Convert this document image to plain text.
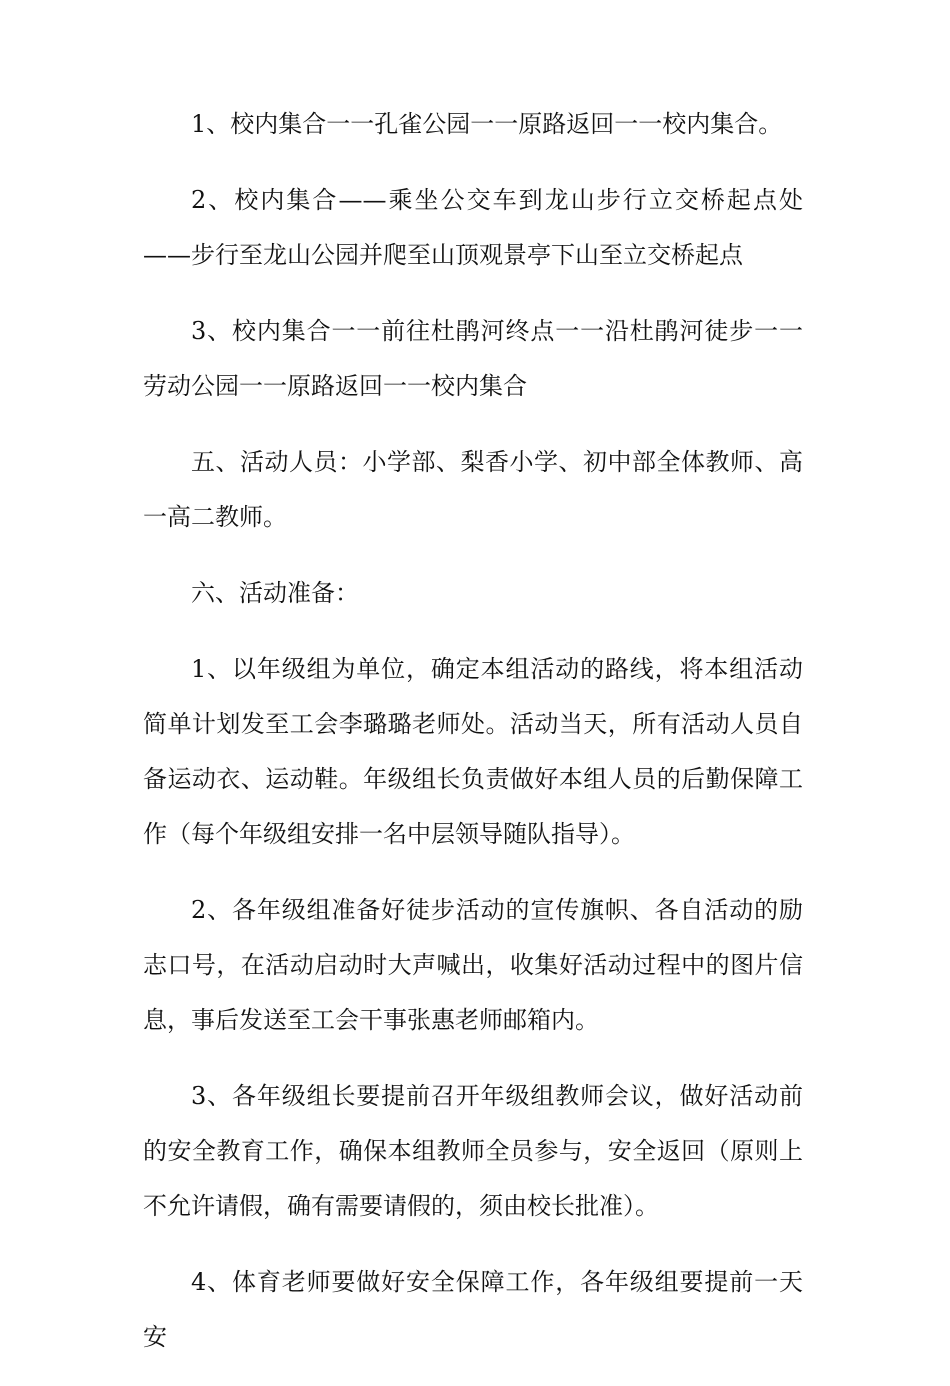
1、校内集合一一孔雀公园一一原路返回一一校内集合。

2、校内集合——乘坐公交车到龙山步行立交桥起点处——步行至龙山公园并爬至山顶观景亭下山至立交桥起点

3、校内集合一一前往杜鹃河终点一一沿杜鹃河徒步一一劳动公园一一原路返回一一校内集合

五、活动人员：小学部、梨香小学、初中部全体教师、高一高二教师。

六、活动准备：

1、以年级组为单位，确定本组活动的路线，将本组活动简单计划发至工会李璐璐老师处。活动当天，所有活动人员自备运动衣、运动鞋。年级组长负责做好本组人员的后勤保障工作（每个年级组安排一名中层领导随队指导）。

2、各年级组准备好徒步活动的宣传旗帜、各自活动的励志口号，在活动启动时大声喊出，收集好活动过程中的图片信息，事后发送至工会干事张惠老师邮箱内。

3、各年级组长要提前召开年级组教师会议，做好活动前的安全教育工作，确保本组教师全员参与，安全返回（原则上不允许请假，确有需要请假的，须由校长批准）。

4、体育老师要做好安全保障工作，各年级组要提前一天安
